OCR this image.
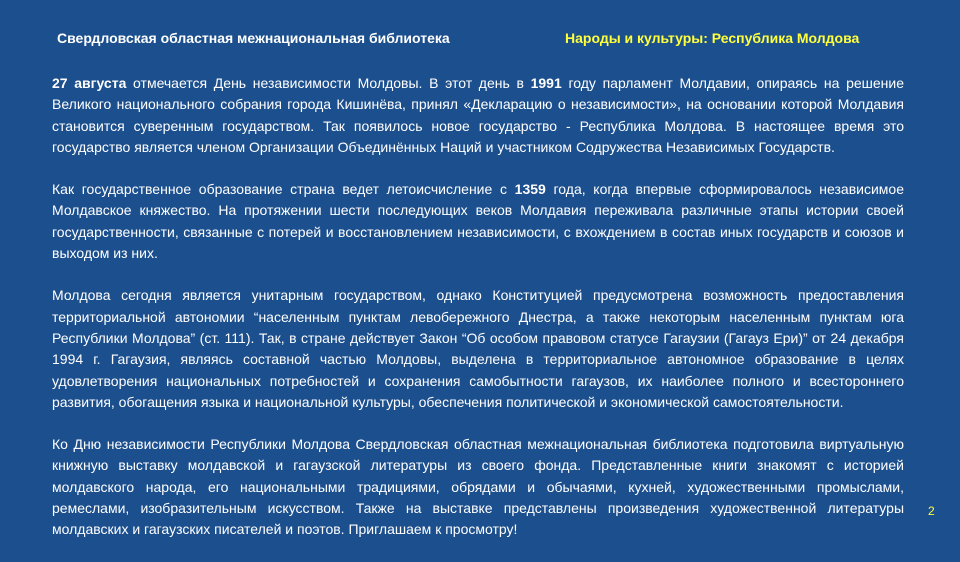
Свердловская областная межнациональная библиотека	Народы и культуры: Республика Молдова

27 августа отмечается День независимости Молдовы. В этот день в 1991 году парламент Молдавии, опираясь на решение Великого национального собрания города Кишинёва, принял «Декларацию о независимости», на основании которой Молдавия становится суверенным государством. Так появилось новое государство - Республика Молдова. В настоящее время это государство является членом Организации Объединённых Наций и участником Содружества Независимых Государств.

Как государственное образование страна ведет летоисчисление с 1359 года, когда впервые сформировалось независимое Молдавское княжество. На протяжении шести последующих веков Молдавия переживала различные этапы истории своей государственности, связанные с потерей и восстановлением независимости, с вхождением в состав иных государств и союзов и выходом из них.

Молдова сегодня является унитарным государством, однако Конституцией предусмотрена возможность предоставления территориальной автономии “населенным пунктам левобережного Днестра, а также некоторым населенным пунктам юга Республики Молдова” (ст. 111). Так, в стране действует Закон “Об особом правовом статусе Гагаузии (Гагауз Ери)” от 24 декабря 1994 г. Гагаузия, являясь составной частью Молдовы, выделена в территориальное автономное образование в целях удовлетворения национальных потребностей и сохранения самобытности гагаузов, их наиболее полного и всестороннего развития, обогащения языка и национальной культуры, обеспечения политической и экономической самостоятельности.

Ко Дню независимости Республики Молдова Свердловская областная межнациональная библиотека подготовила виртуальную книжную выставку молдавской и гагаузской литературы из своего фонда. Представленные книги знакомят с историей молдавского народа, его национальными традициями, обрядами и обычаями, кухней, художественными промыслами, ремеслами, изобразительным искусством. Также на выставке представлены произведения художественной литературы молдавских и гагаузских писателей и поэтов. Приглашаем к просмотру!

2
